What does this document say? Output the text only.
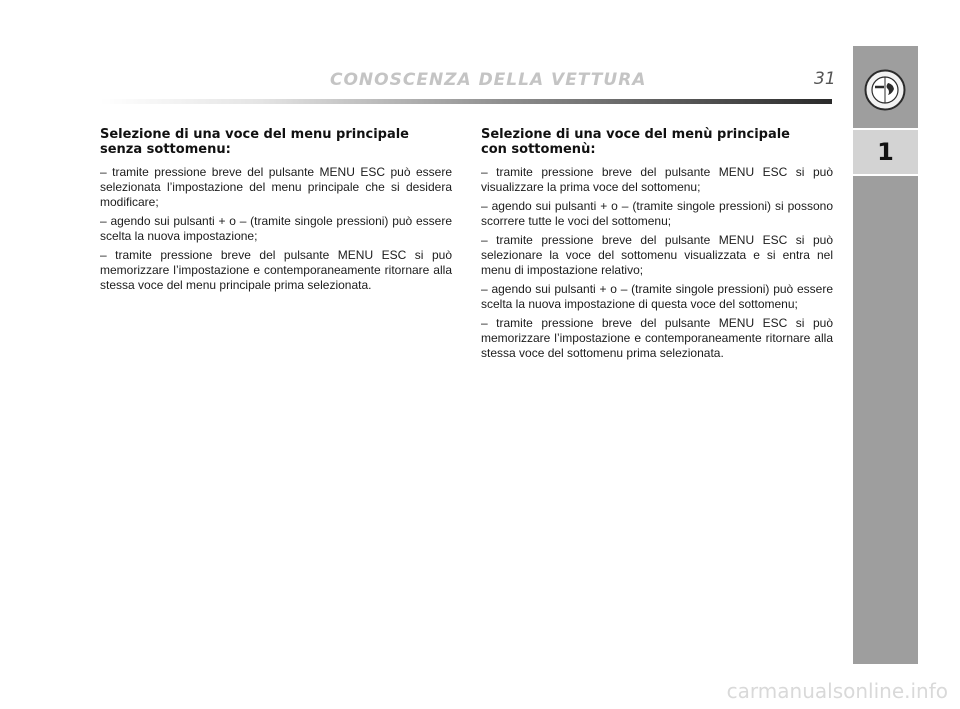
CONOSCENZA DELLA VETTURA	31
1
Selezione di una voce del menu principale
senza sottomenu:

– tramite pressione breve del pulsante MENU ESC può essere selezionata l’impostazione del menu principale che si desidera modificare;

– agendo sui pulsanti + o – (tramite singole pressioni) può essere scelta la nuova impostazione;

– tramite pressione breve del pulsante MENU ESC si può memorizzare l’impostazione e contemporaneamente ritornare alla stessa voce del menu principale prima selezionata.

Selezione di una voce del menù principale
con sottomenù:

– tramite pressione breve del pulsante MENU ESC si può visualizzare la prima voce del sottomenu;

– agendo sui pulsanti + o – (tramite singole pressioni) si possono scorrere tutte le voci del sottomenu;

– tramite pressione breve del pulsante MENU ESC si può selezionare la voce del sottomenu visualizzata e si entra nel menu di impostazione relativo;

– agendo sui pulsanti + o – (tramite singole pressioni) può essere scelta la nuova impostazione di questa voce del sottomenu;

– tramite pressione breve del pulsante MENU ESC si può memorizzare l’impostazione e contemporaneamente ritornare alla stessa voce del sottomenu prima selezionata.

carmanualsonline.info
